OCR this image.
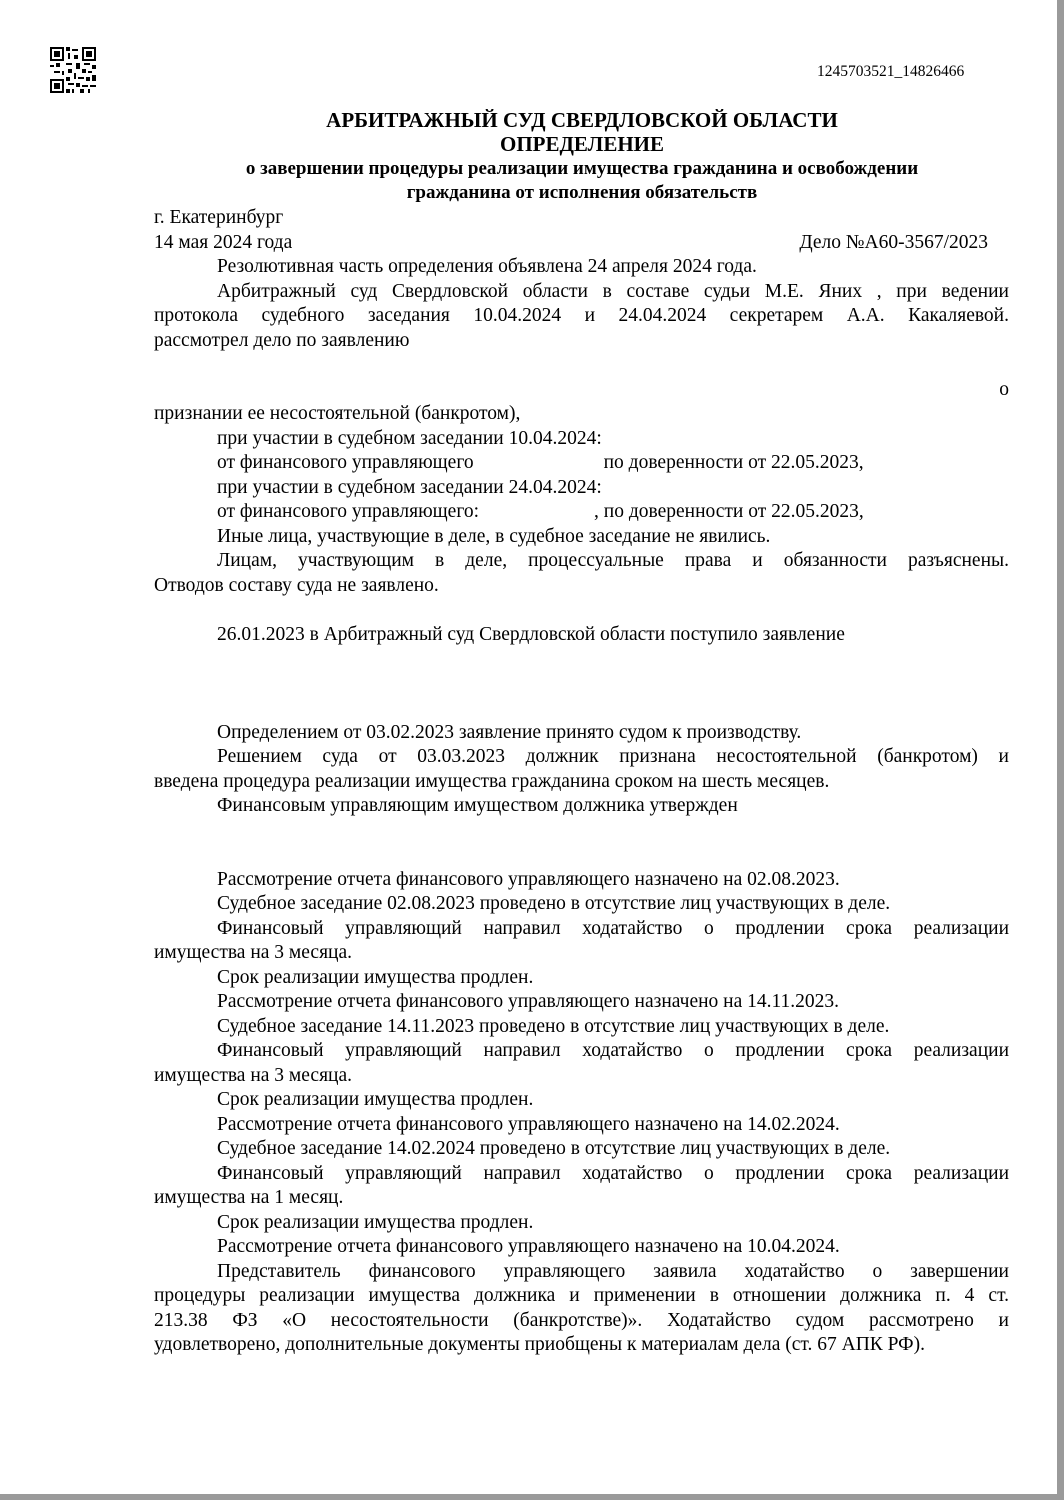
1245703521_14826466
АРБИТРАЖНЫЙ СУД СВЕРДЛОВСКОЙ ОБЛАСТИ
ОПРЕДЕЛЕНИЕ
о завершении процедуры реализации имущества гражданина и освобождении
гражданина от исполнения обязательств
г. Екатеринбург
14 мая 2024 года	Дело №А60-3567/2023
Резолютивная часть определения объявлена 24 апреля 2024 года.
Арбитражный суд Свердловской области в составе судьи М.Е. Яних , при ведении
протокола судебного заседания 10.04.2024 и 24.04.2024 секретарем А.А. Какаляевой.
рассмотрел дело по заявлению
о
признании ее несостоятельной (банкротом),
при участии в судебном заседании 10.04.2024:
от финансового управляющего	по доверенности от 22.05.2023,
при участии в судебном заседании 24.04.2024:
от финансового управляющего:	, по доверенности от 22.05.2023,
Иные лица, участвующие в деле, в судебное заседание не явились.
Лицам, участвующим в деле, процессуальные права и обязанности разъяснены.
Отводов составу суда не заявлено.
26.01.2023 в Арбитражный суд Свердловской области поступило заявление
Определением от 03.02.2023 заявление принято судом к производству.
Решением суда от 03.03.2023 должник признана несостоятельной (банкротом) и
введена процедура реализации имущества гражданина сроком на шесть месяцев.
Финансовым управляющим имуществом должника утвержден
Рассмотрение отчета финансового управляющего назначено на 02.08.2023.
Судебное заседание 02.08.2023 проведено в отсутствие лиц участвующих в деле.
Финансовый управляющий направил ходатайство о продлении срока реализации
имущества на 3 месяца.
Срок реализации имущества продлен.
Рассмотрение отчета финансового управляющего назначено на 14.11.2023.
Судебное заседание 14.11.2023 проведено в отсутствие лиц участвующих в деле.
Финансовый управляющий направил ходатайство о продлении срока реализации
имущества на 3 месяца.
Срок реализации имущества продлен.
Рассмотрение отчета финансового управляющего назначено на 14.02.2024.
Судебное заседание 14.02.2024 проведено в отсутствие лиц участвующих в деле.
Финансовый управляющий направил ходатайство о продлении срока реализации
имущества на 1 месяц.
Срок реализации имущества продлен.
Рассмотрение отчета финансового управляющего назначено на 10.04.2024.
Представитель финансового управляющего заявила ходатайство о завершении
процедуры реализации имущества должника и применении в отношении должника п. 4 ст.
213.38 ФЗ «О несостоятельности (банкротстве)». Ходатайство судом рассмотрено и
удовлетворено, дополнительные документы приобщены к материалам дела (ст. 67 АПК РФ).
